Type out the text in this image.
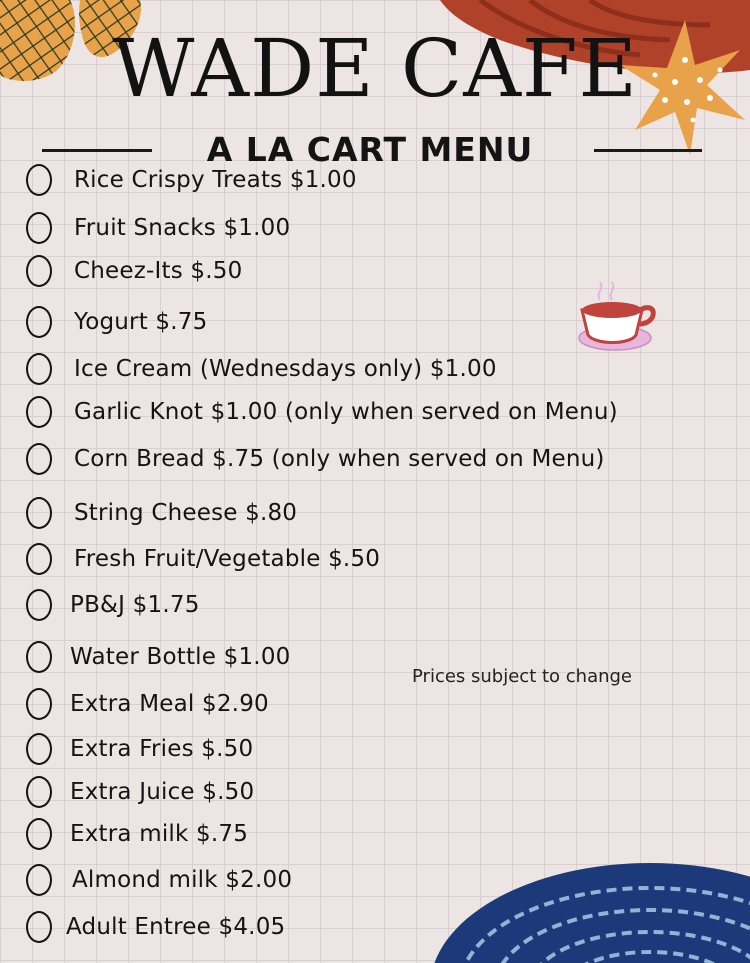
WADE CAFE
A LA CART MENU
Rice Crispy Treats $1.00
Fruit Snacks $1.00
Cheez-Its $.50
Yogurt $.75
Ice Cream (Wednesdays only) $1.00
Garlic Knot $1.00 (only when served on Menu)
Corn Bread $.75 (only when served on Menu)
String Cheese $.80
Fresh Fruit/Vegetable $.50
PB&J $1.75
Water Bottle $1.00
Extra Meal $2.90
Extra Fries $.50
Extra Juice $.50
Extra milk $.75
Almond milk $2.00
Adult Entree $4.05
Prices subject to change
